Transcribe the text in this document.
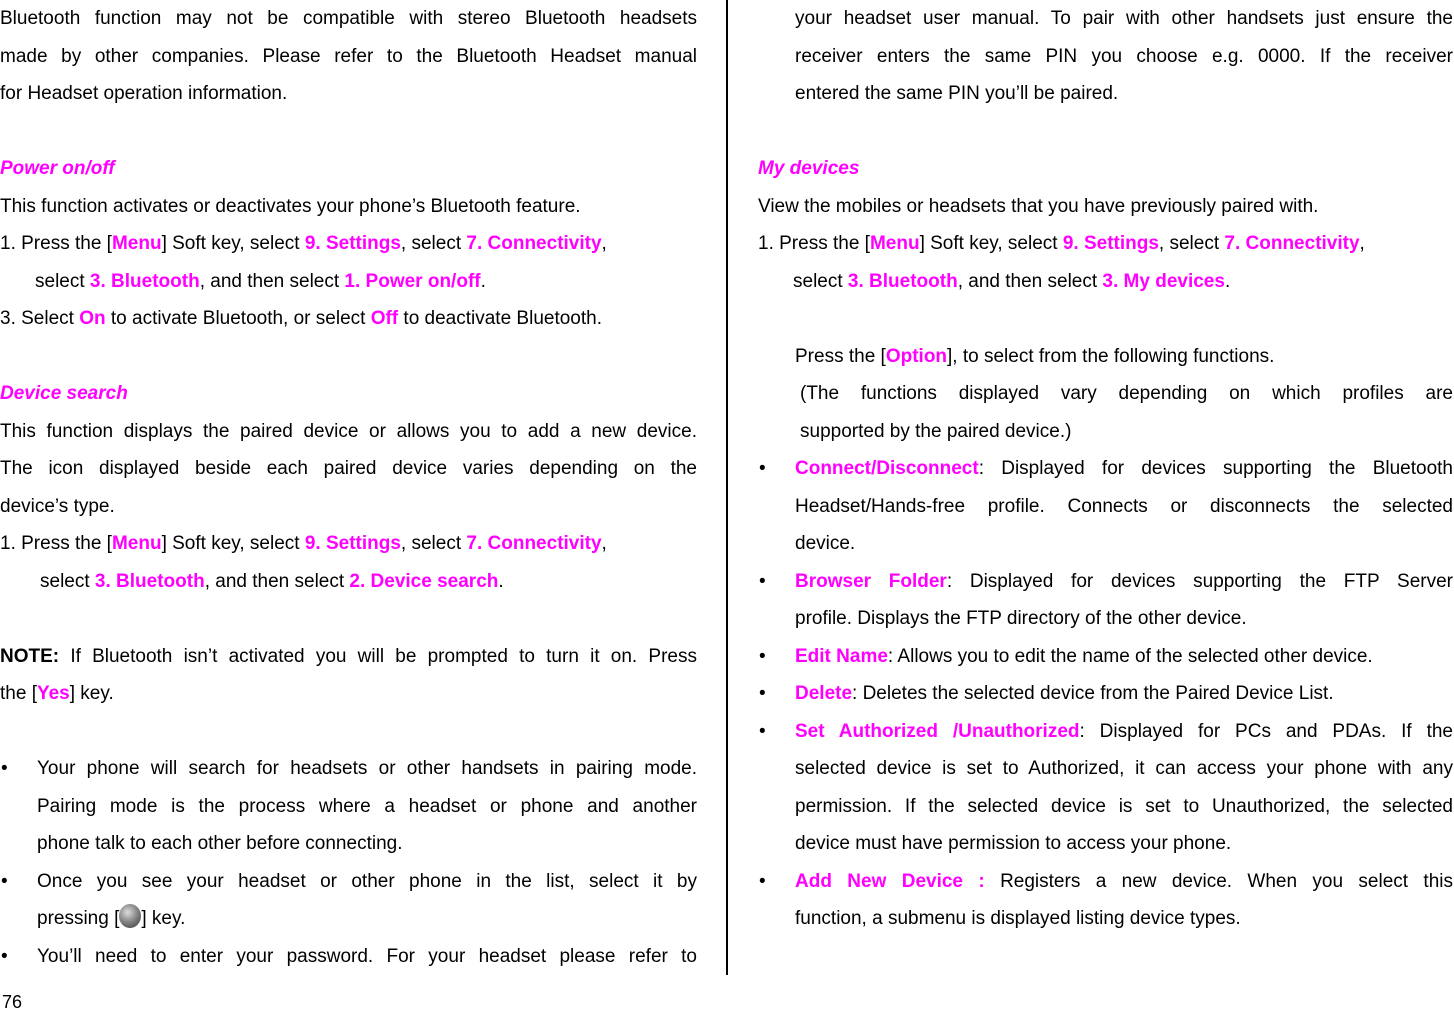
Bluetooth function may not be compatible with stereo Bluetooth headsets

made by other companies. Please refer to the Bluetooth Headset manual

for Headset operation information.

Power on/off

This function activates or deactivates your phone’s Bluetooth feature.

1. Press the [Menu] Soft key, select 9. Settings, select 7. Connectivity,

select 3. Bluetooth, and then select 1. Power on/off.

3. Select On to activate Bluetooth, or select Off to deactivate Bluetooth.

Device search

This function displays the paired device or allows you to add a new device.

The icon displayed beside each paired device varies depending on the

device’s type.

1. Press the [Menu] Soft key, select 9. Settings, select 7. Connectivity,

select 3. Bluetooth, and then select 2. Device search.

NOTE: If Bluetooth isn’t activated you will be prompted to turn it on. Press

the [Yes] key.

• Your phone will search for headsets or other handsets in pairing mode.

Pairing mode is the process where a headset or phone and another

phone talk to each other before connecting.

• Once you see your headset or other phone in the list, select it by

pressing [ ] key.

• You’ll need to enter your password. For your headset please refer to

your headset user manual. To pair with other handsets just ensure the

receiver enters the same PIN you choose e.g. 0000. If the receiver

entered the same PIN you’ll be paired.

My devices

View the mobiles or headsets that you have previously paired with.

1. Press the [Menu] Soft key, select 9. Settings, select 7. Connectivity,

select 3. Bluetooth, and then select 3. My devices.

Press the [Option], to select from the following functions.

(The functions displayed vary depending on which profiles are

supported by the paired device.)

• Connect/Disconnect: Displayed for devices supporting the Bluetooth

Headset/Hands-free profile. Connects or disconnects the selected

device.

• Browser Folder: Displayed for devices supporting the FTP Server

profile. Displays the FTP directory of the other device.

• Edit Name: Allows you to edit the name of the selected other device.

• Delete: Deletes the selected device from the Paired Device List.

• Set Authorized /Unauthorized: Displayed for PCs and PDAs. If the

selected device is set to Authorized, it can access your phone with any

permission. If the selected device is set to Unauthorized, the selected

device must have permission to access your phone.

• Add New Device : Registers a new device. When you select this

function, a submenu is displayed listing device types.

76
